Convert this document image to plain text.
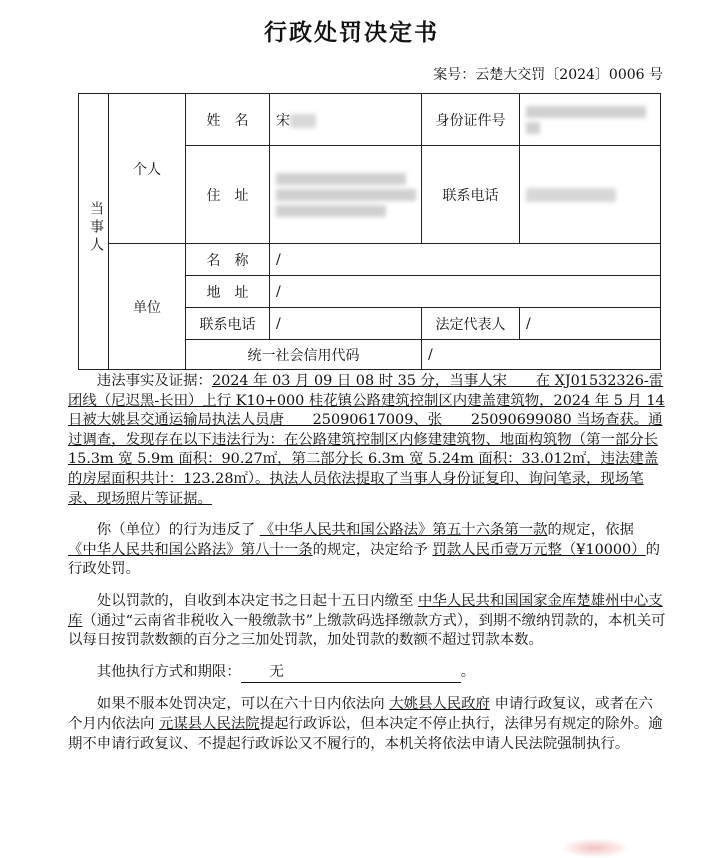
行政处罚决定书
案号：云楚大交罚〔2024〕0006 号
当事人	个人	姓　名	宋	身份证件号	

		住　址		联系电话	
	单位	名　称	/		
		地　址	/		
		联系电话	/	法定代表人	/
		统一社会信用代码		/	

违法事实及证据：2024 年 03 月 09 日 08 时 35 分，当事人宋　　在 XJ01532326-雷团线（尼迟黑-长田）上行 K10+000 桂花镇公路建筑控制区内建盖建筑物，2024 年 5 月 14 日被大姚县交通运输局执法人员唐　　25090617009、张　　25090699080 当场查获。通过调查，发现存在以下违法行为：在公路建筑控制区内修建建筑物、地面构筑物（第一部分长 15.3m 宽 5.9m 面积：90.27㎡，第二部分长 6.3m 宽 5.24m 面积：33.012㎡，违法建盖的房屋面积共计：123.28㎡）。执法人员依法提取了当事人身份证复印、询问笔录，现场笔录、现场照片等证据。

你（单位）的行为违反了 《中华人民共和国公路法》第五十六条第一款的规定，依据 《中华人民共和国公路法》第八十一条的规定，决定给予 罚款人民币壹万元整（¥10000）的行政处罚。

处以罚款的，自收到本决定书之日起十五日内缴至 中华人民共和国国家金库楚雄州中心支库（通过“云南省非税收入一般缴款书”上缴款码选择缴款方式），到期不缴纳罚款的，本机关可以每日按罚款数额的百分之三加处罚款，加处罚款的数额不超过罚款本数。

其他执行方式和期限： 无	。

如果不服本处罚决定，可以在六十日内依法向 大姚县人民政府 申请行政复议，或者在六个月内依法向 元谋县人民法院提起行政诉讼，但本决定不停止执行，法律另有规定的除外。逾期不申请行政复议、不提起行政诉讼又不履行的，本机关将依法申请人民法院强制执行。
